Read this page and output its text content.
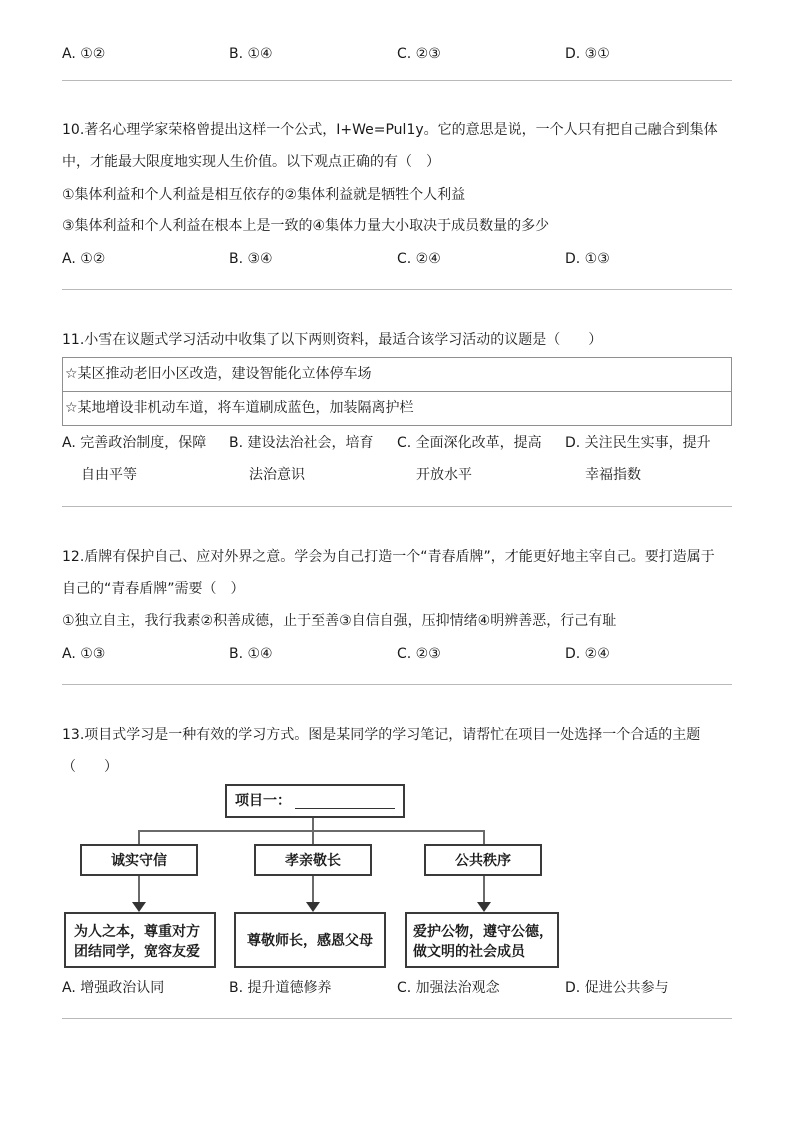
A. ①②	B. ①④	C. ②③	D. ③①
10.著名心理学家荣格曾提出这样一个公式，I+We=Pul1y。它的意思是说，一个人只有把自己融合到集体
中，才能最大限度地实现人生价值。以下观点正确的有（　）
①集体利益和个人利益是相互依存的②集体利益就是牺牲个人利益
③集体利益和个人利益在根本上是一致的④集体力量大小取决于成员数量的多少
A. ①②	B. ③④	C. ②④	D. ①③
11.小雪在议题式学习活动中收集了以下两则资料，最适合该学习活动的议题是（　　）
☆某区推动老旧小区改造，建设智能化立体停车场
☆某地增设非机动车道，将车道刷成蓝色，加装隔离护栏
A. 完善政治制度，保障
自由平等
B. 建设法治社会，培育
法治意识
C. 全面深化改革，提高
开放水平
D. 关注民生实事，提升
幸福指数
12.盾牌有保护自己、应对外界之意。学会为自己打造一个“青春盾牌”，才能更好地主宰自己。要打造属于
自己的“青春盾牌”需要（　）
①独立自主，我行我素②积善成德，止于至善③自信自强，压抑情绪④明辨善恶，行己有耻
A. ①③	B. ①④	C. ②③	D. ②④
13.项目式学习是一种有效的学习方式。图是某同学的学习笔记，请帮忙在项目一处选择一个合适的主题
（　　）
项目一：
诚实守信	孝亲敬长	公共秩序
为人之本，尊重对方
团结同学，宽容友爱
尊敬师长，感恩父母
爱护公物，遵守公德，
做文明的社会成员
A. 增强政治认同	B. 提升道德修养	C. 加强法治观念	D. 促进公共参与
